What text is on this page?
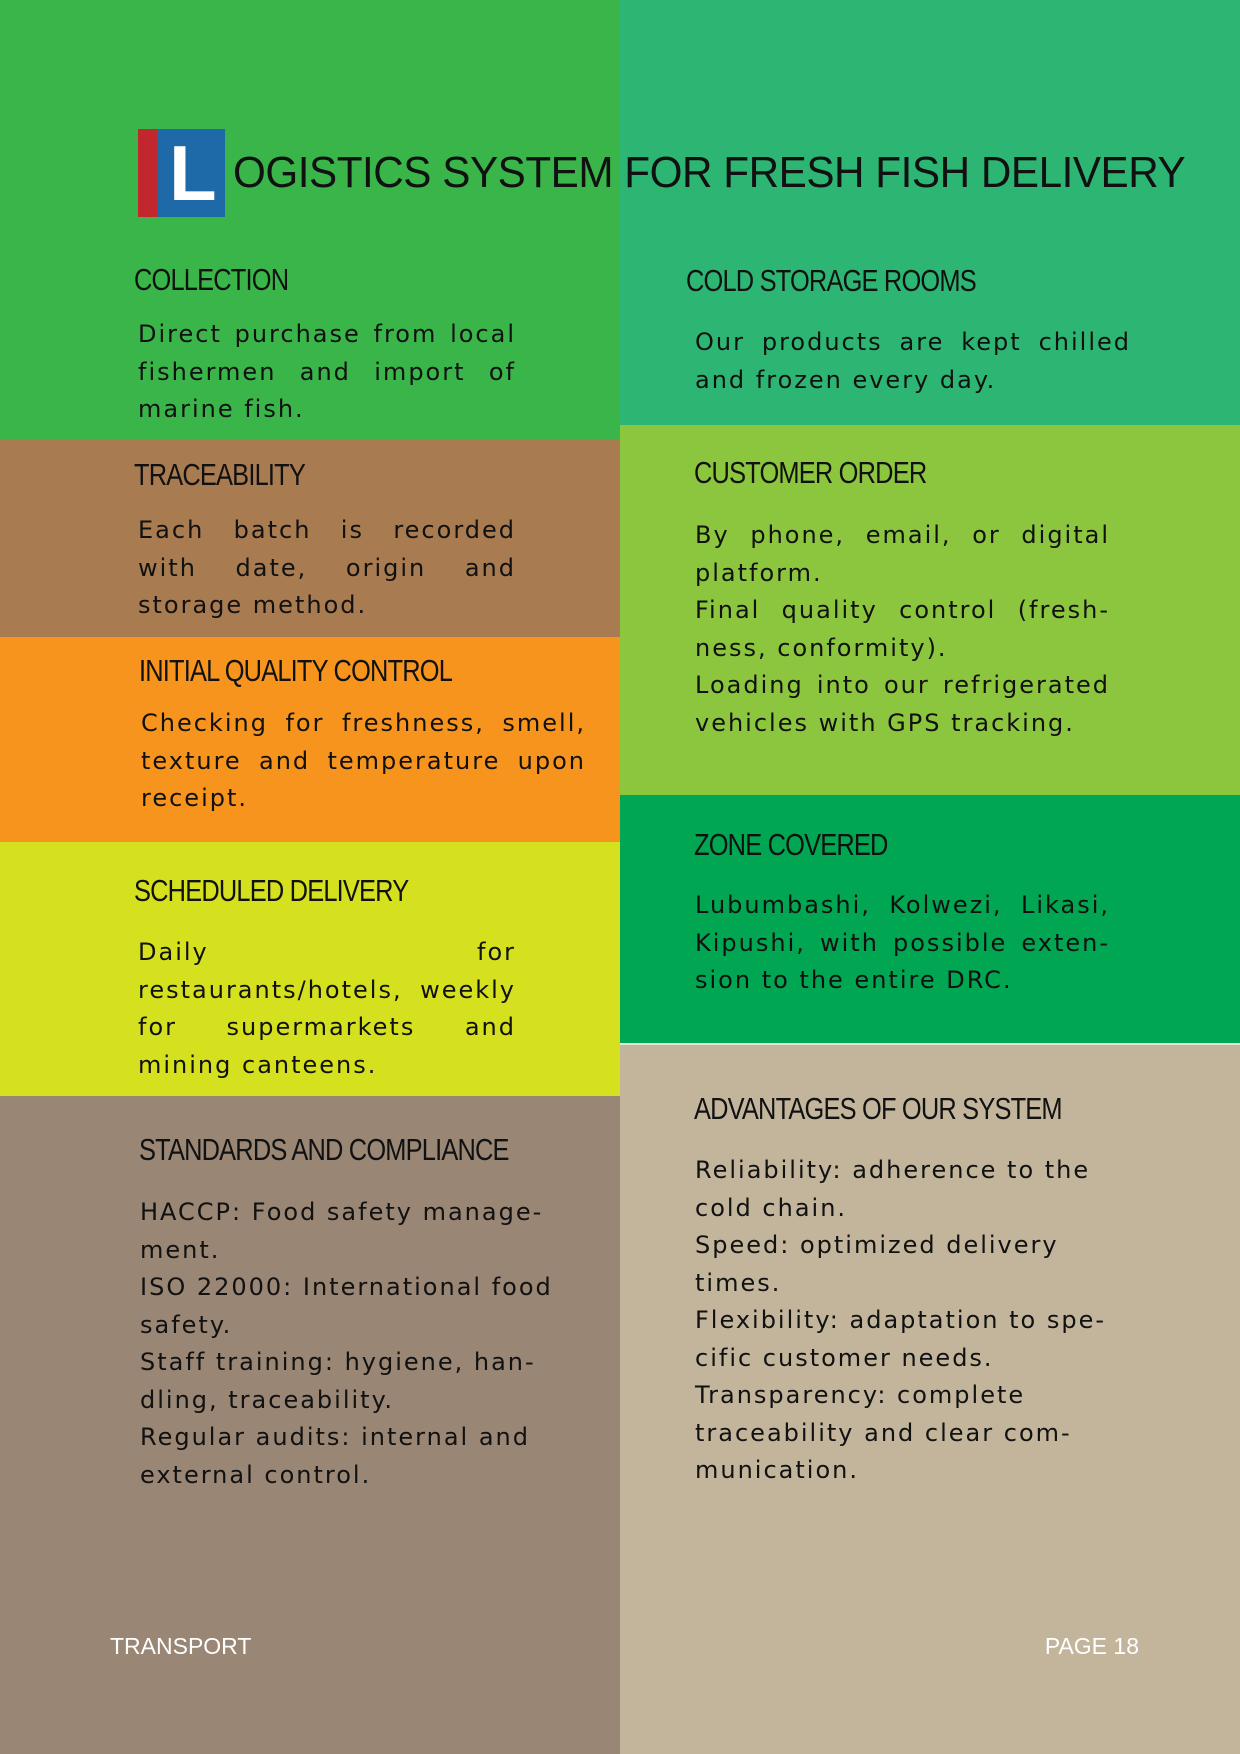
L OGISTICS SYSTEM FOR FRESH FISH DELIVERY
COLLECTION
Direct purchase from local fishermen and import of marine fish.
COLD STORAGE ROOMS
Our products are kept chilled and frozen every day.
TRACEABILITY
Each batch is recorded with date, origin and storage method.
CUSTOMER ORDER

By phone, email, or digital platform.

Final quality control (fresh-ness, conformity).

Loading into our refrigerated vehicles with GPS tracking.

INITIAL QUALITY CONTROL
Checking for freshness, smell, texture and temperature upon receipt.
ZONE COVERED
Lubumbashi, Kolwezi, Likasi, Kipushi, with possible exten-sion to the entire DRC.
SCHEDULED DELIVERY
Daily for restaurants/hotels, weekly for supermarkets and mining canteens.
STANDARDS AND COMPLIANCE

HACCP: Food safety manage-ment.

ISO 22000: International food safety.

Staff training: hygiene, han-dling, traceability.

Regular audits: internal and external control.

ADVANTAGES OF OUR SYSTEM

Reliability: adherence to the cold chain.

Speed: optimized delivery times.

Flexibility: adaptation to spe-cific customer needs.

Transparency: complete traceability and clear com-munication.

TRANSPORT	PAGE 18
